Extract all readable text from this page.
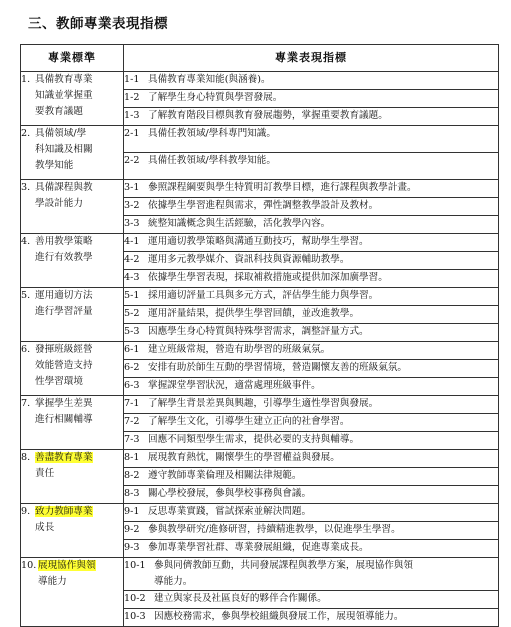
三、教師專業表現指標
專業標準	專業表現指標

1. 具備教育專業
知識並掌握重
要教育議題	1-1 具備教育專業知能(與涵養)。

	1-2 了解學生身心特質與學習發展。

	1-3 了解教育階段目標與教育發展趨勢，掌握重要教育議題。

2. 具備領域/學
科知識及相關
教學知能	2-1 具備任教領域/學科專門知識。

	2-2 具備任教領域/學科教學知能。

3. 具備課程與教
學設計能力	3-1 參照課程綱要與學生特質明訂教學目標，進行課程與教學計畫。

	3-2 依據學生學習進程與需求，彈性調整教學設計及教材。

	3-3 統整知識概念與生活經驗，活化教學內容。

4. 善用教學策略
進行有效教學	4-1 運用適切教學策略與溝通互動技巧，幫助學生學習。

	4-2 運用多元教學媒介、資訊科技與資源輔助教學。

	4-3 依據學生學習表現，採取補救措施或提供加深加廣學習。

5. 運用適切方法
進行學習評量	5-1 採用適切評量工具與多元方式，評估學生能力與學習。

	5-2 運用評量結果，提供學生學習回饋，並改進教學。

	5-3 因應學生身心特質與特殊學習需求，調整評量方式。

6. 發揮班級經營
效能營造支持
性學習環境	6-1 建立班級常規，營造有助學習的班級氣氛。

	6-2 安排有助於師生互動的學習情境，營造關懷友善的班級氣氛。

	6-3 掌握課堂學習狀況，適當處理班級事件。

7. 掌握學生差異
進行相關輔導	7-1 了解學生背景差異與興趣，引導學生適性學習與發展。

	7-2 了解學生文化，引導學生建立正向的社會學習。

	7-3 回應不同類型學生需求，提供必要的支持與輔導。

8. 善盡教育專業
責任	8-1 展現教育熱忱，關懷學生的學習權益與發展。

	8-2 遵守教師專業倫理及相關法律規範。

	8-3 關心學校發展，參與學校事務與會議。

9. 致力教師專業
成長	9-1 反思專業實踐，嘗試探索並解決問題。

	9-2 參與教學研究/進修研習，持續精進教學，以促進學生學習。

	9-3 參加專業學習社群、專業發展組織，促進專業成長。

10. 展現協作與領
導能力	10-1 參與同儕教師互動，共同發展課程與教學方案，展現協作與領
導能力。

	10-2 建立與家長及社區良好的夥伴合作關係。

	10-3 因應校務需求，參與學校組織與發展工作，展現領導能力。
